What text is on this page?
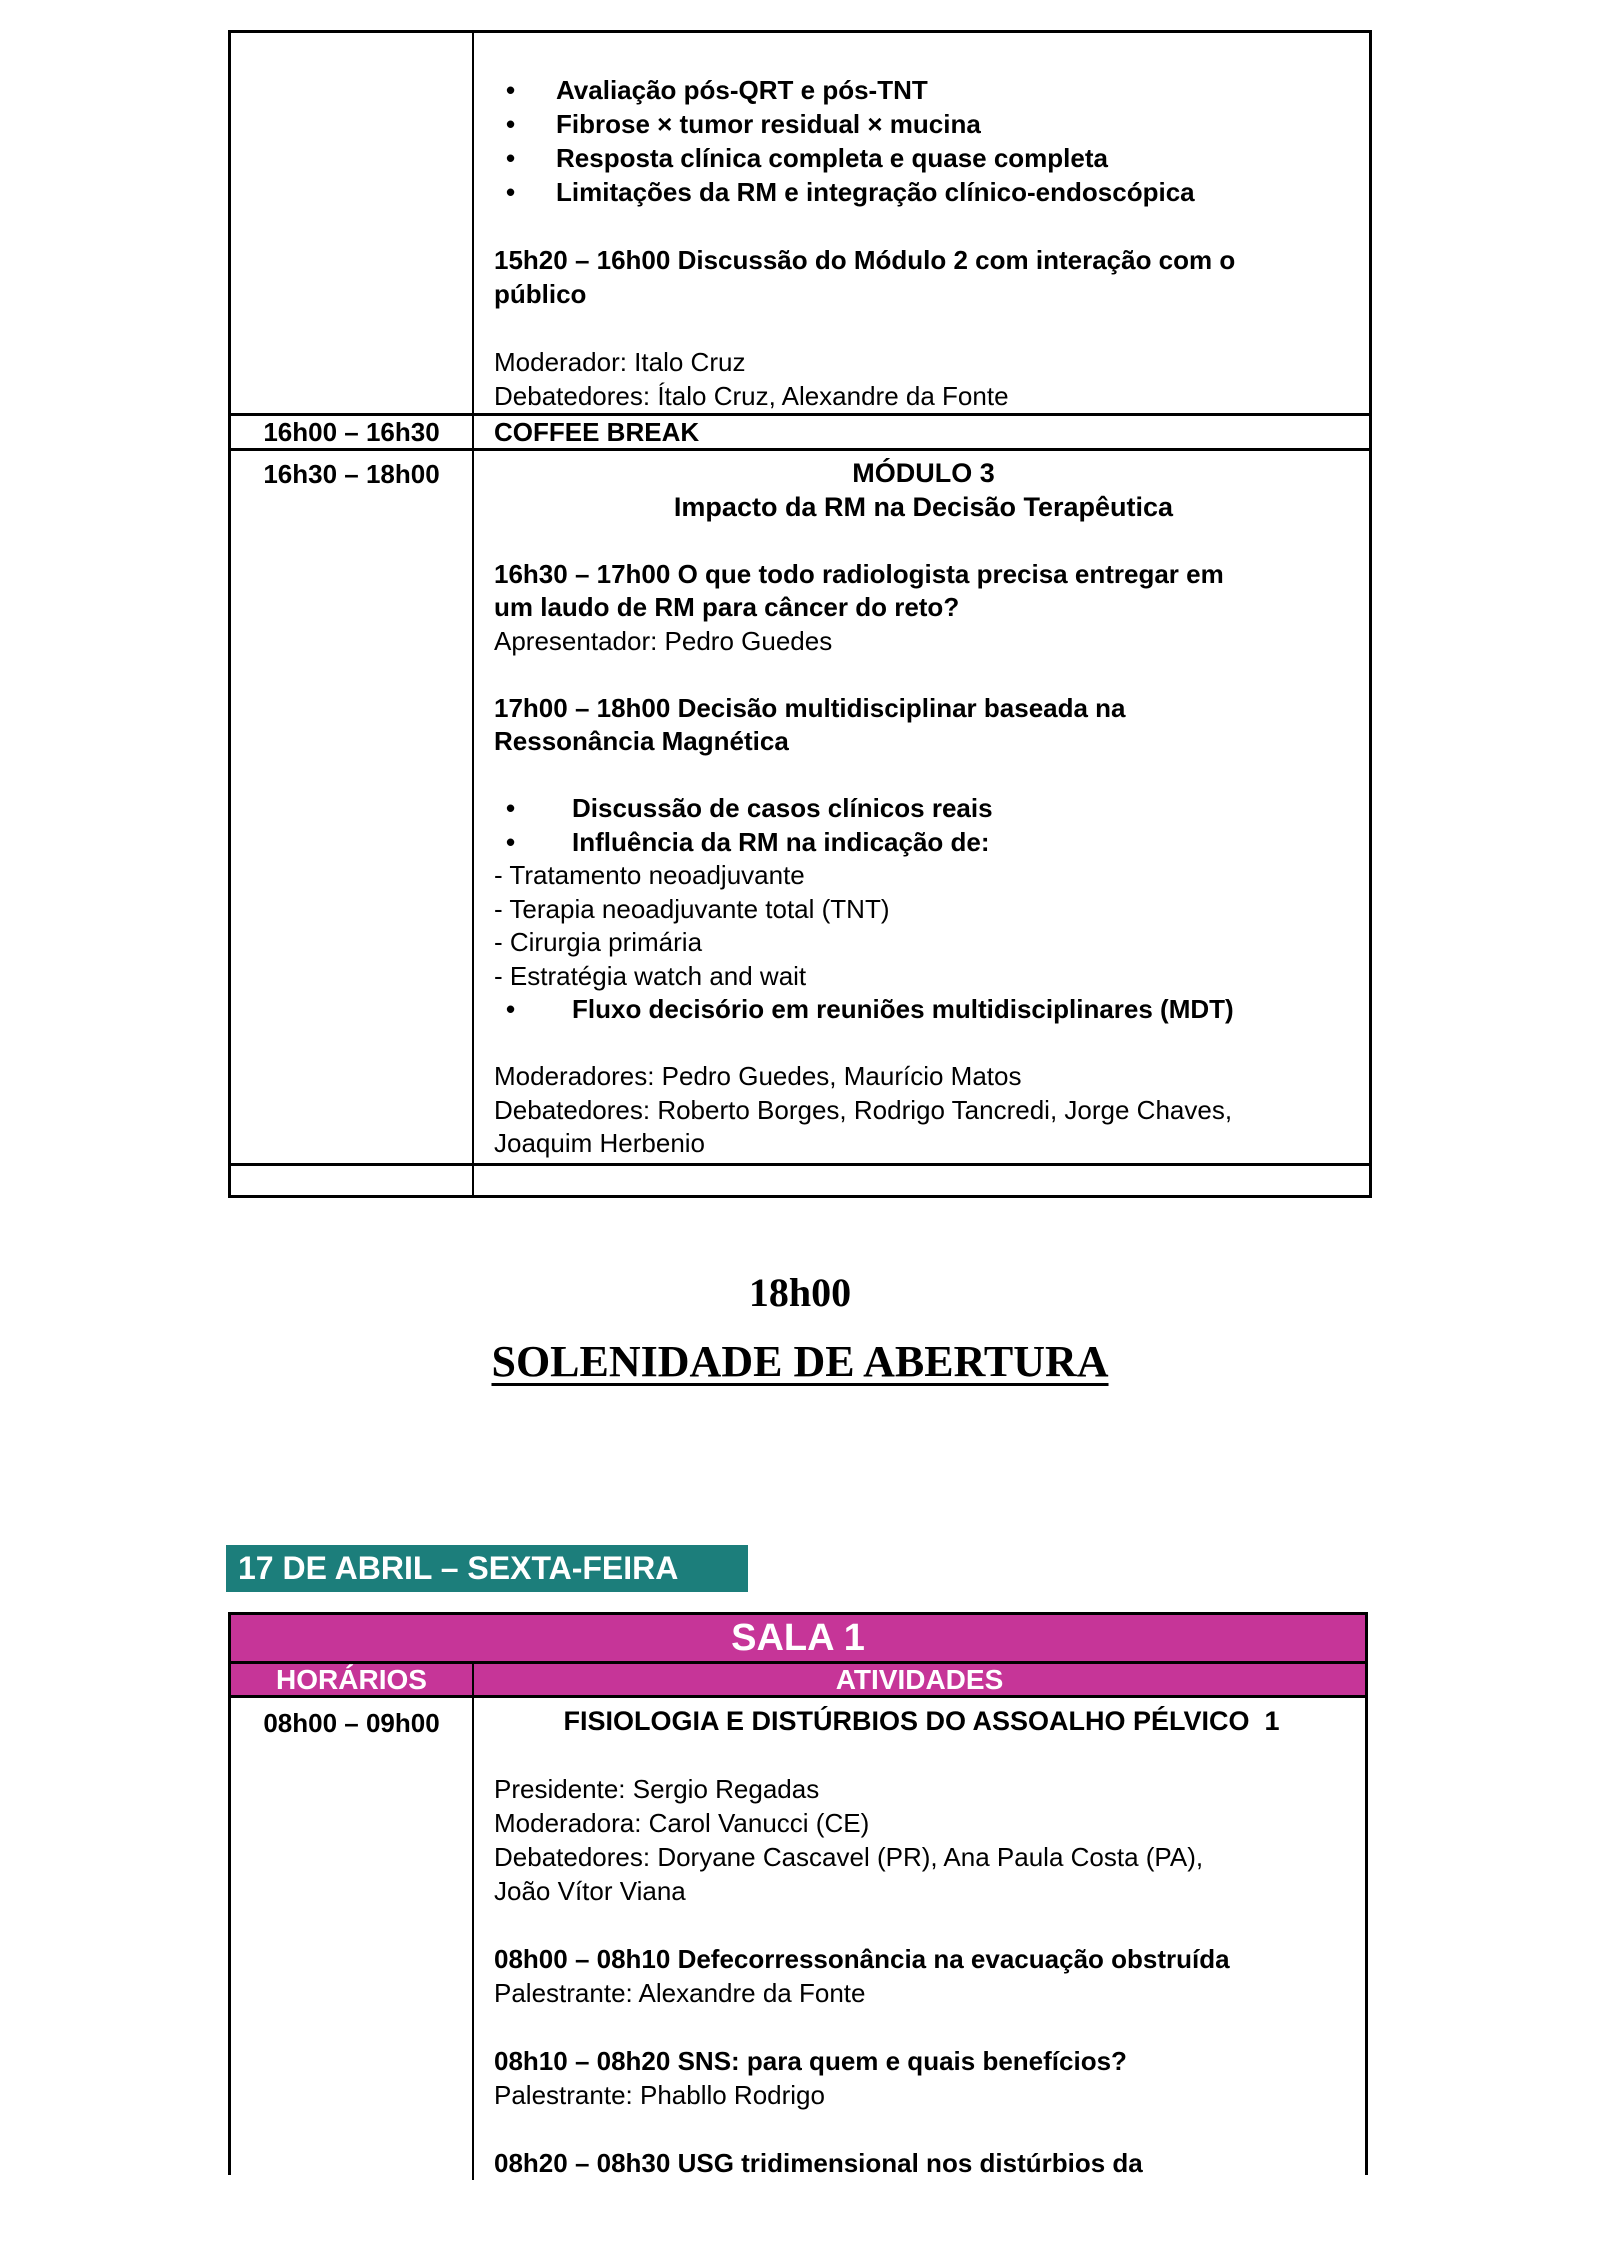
• Avaliação pós-QRT e pós-TNT
• Fibrose × tumor residual × mucina
• Resposta clínica completa e quase completa
• Limitações da RM e integração clínico-endoscópica

15h20 – 16h00 Discussão do Módulo 2 com interação com o
público

Moderador: Italo Cruz
Debatedores: Ítalo Cruz, Alexandre da Fonte
16h00 – 16h30	COFFEE BREAK
16h30 – 18h00	MÓDULO 3
Impacto da RM na Decisão Terapêutica

16h30 – 17h00 O que todo radiologista precisa entregar em
um laudo de RM para câncer do reto?
Apresentador: Pedro Guedes

17h00 – 18h00 Decisão multidisciplinar baseada na
Ressonância Magnética

• Discussão de casos clínicos reais
• Influência da RM na indicação de:
- Tratamento neoadjuvante
- Terapia neoadjuvante total (TNT)
- Cirurgia primária
- Estratégia watch and wait
• Fluxo decisório em reuniões multidisciplinares (MDT)

Moderadores: Pedro Guedes, Maurício Matos
Debatedores: Roberto Borges, Rodrigo Tancredi, Jorge Chaves,
Joaquim Herbenio
18h00
SOLENIDADE DE ABERTURA
17 DE ABRIL – SEXTA-FEIRA
SALA 1
HORÁRIOS	ATIVIDADES
08h00 – 09h00	FISIOLOGIA E DISTÚRBIOS DO ASSOALHO PÉLVICO  1

Presidente: Sergio Regadas
Moderadora: Carol Vanucci (CE)
Debatedores: Doryane Cascavel (PR), Ana Paula Costa (PA),
João Vítor Viana

08h00 – 08h10 Defecorressonância na evacuação obstruída
Palestrante: Alexandre da Fonte

08h10 – 08h20 SNS: para quem e quais benefícios?
Palestrante: Phabllo Rodrigo

08h20 – 08h30 USG tridimensional nos distúrbios da
